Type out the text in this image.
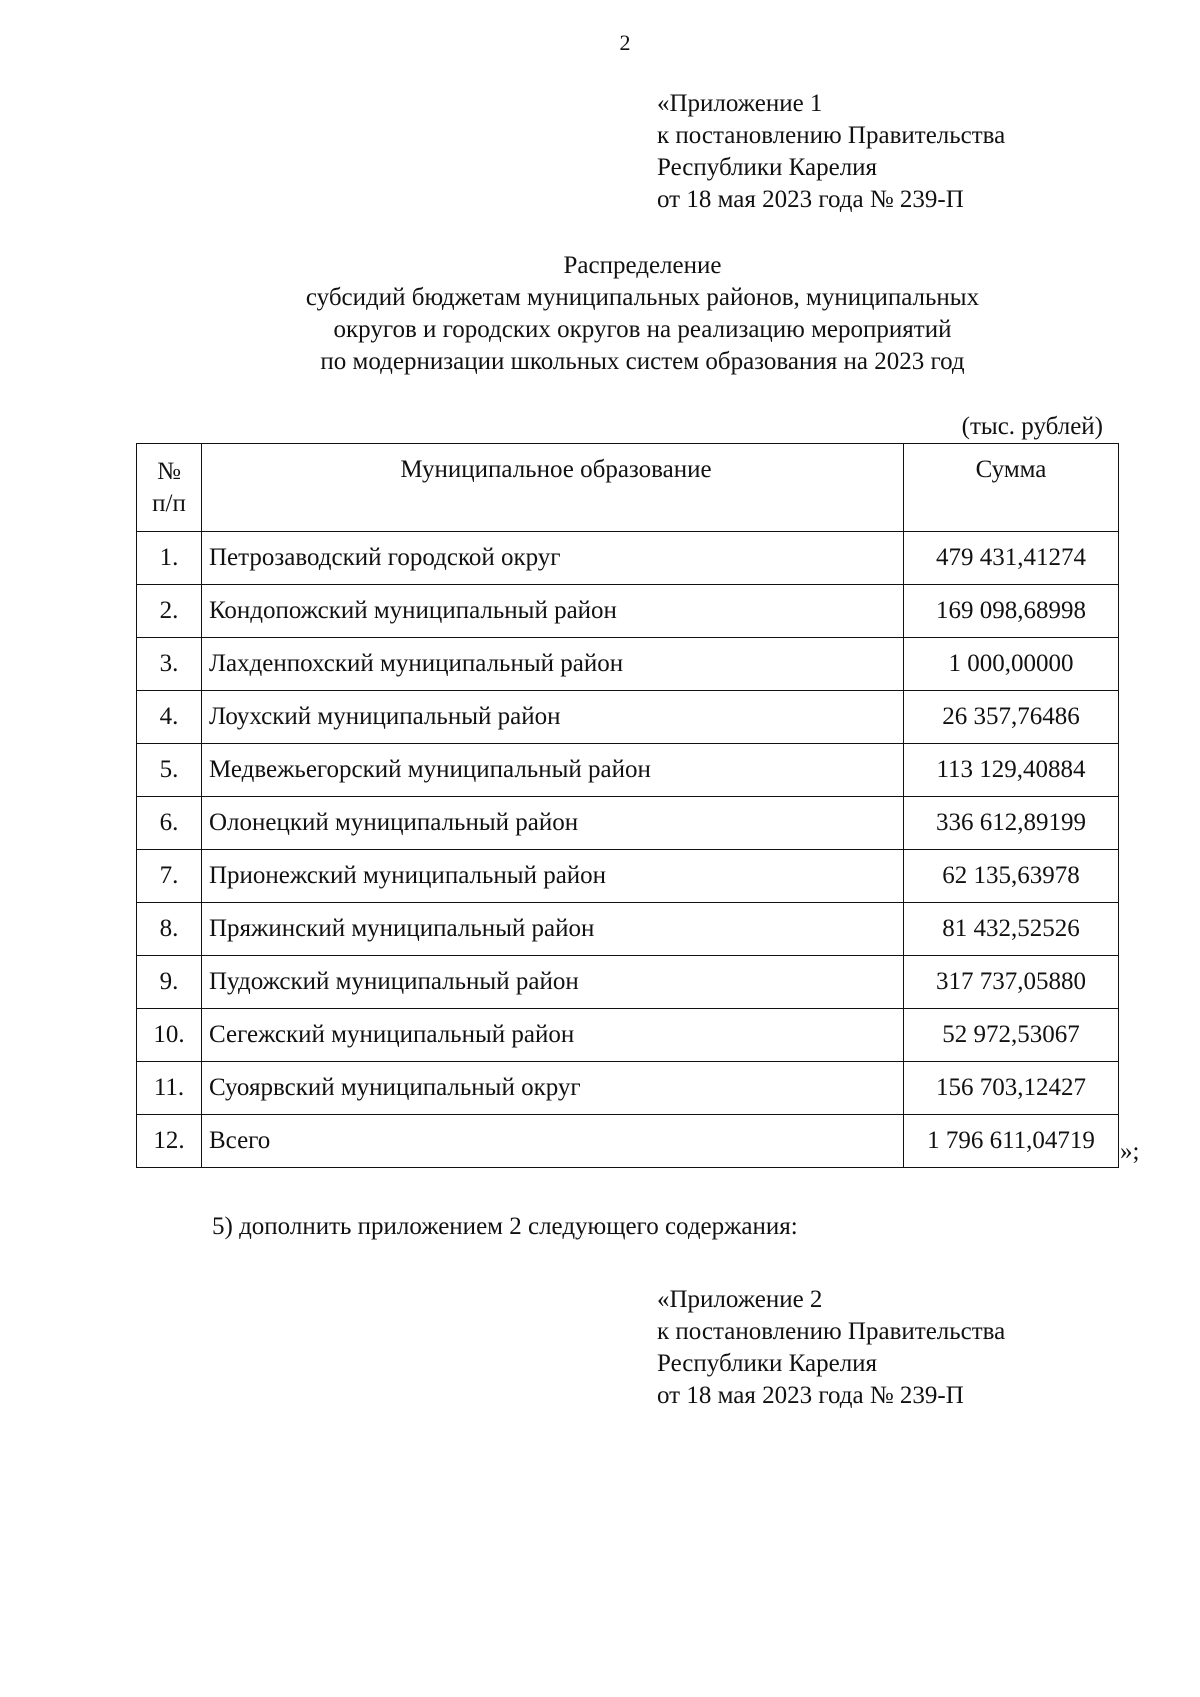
2
«Приложение 1
к постановлению Правительства
Республики Карелия
от 18 мая 2023 года № 239-П
Распределение
субсидий бюджетам муниципальных районов, муниципальных
округов и городских округов на реализацию мероприятий
по модернизации школьных систем образования на 2023 год
(тыс. рублей)
№
п/п	Муниципальное образование	Сумма
1.	Петрозаводский городской округ	479 431,41274
2.	Кондопожский муниципальный район	169 098,68998
3.	Лахденпохский муниципальный район	1 000,00000
4.	Лоухский муниципальный район	26 357,76486
5.	Медвежьегорский муниципальный район	113 129,40884
6.	Олонецкий муниципальный район	336 612,89199
7.	Прионежский муниципальный район	62 135,63978
8.	Пряжинский муниципальный район	81 432,52526
9.	Пудожский муниципальный район	317 737,05880
10.	Сегежский муниципальный район	52 972,53067
11.	Суоярвский муниципальный округ	156 703,12427
12.	Всего	1 796 611,04719 »;
5) дополнить приложением 2 следующего содержания:
«Приложение 2
к постановлению Правительства
Республики Карелия
от 18 мая 2023 года № 239-П
